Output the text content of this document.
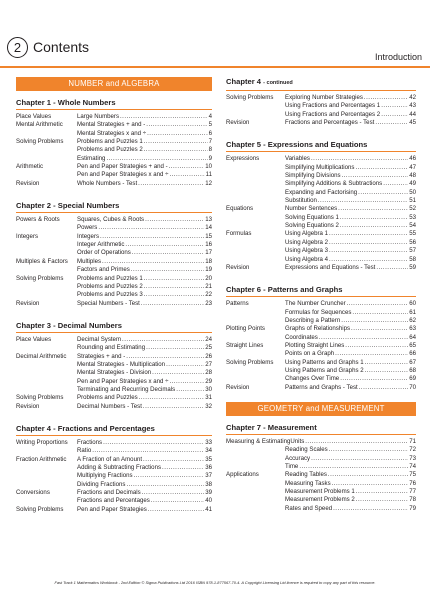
2 Contents
Introduction
NUMBER and ALGEBRA
Chapter 1 - Whole Numbers
Place Values	Large Numbers . . .	4
Mental Arithmetic	Mental Strategies + and - . . .	5
Mental Strategies x and ÷ . . .	6
Solving Problems	Problems and Puzzles 1 . . .	7
Problems and Puzzles 2 . . .	8
Estimating . . .	9
Arithmetic	Pen and Paper Strategies + and - . . .	10
Pen and Paper Strategies x and ÷ . . .	11
Revision	Whole Numbers - Test . . .	12
Chapter 2 - Special Numbers
Powers & Roots	Squares, Cubes & Roots . . .	13
Powers . . .	14
Integers	Integers . . .	15
Integer Arithmetic . . .	16
Order of Operations . . .	17
Multiples & Factors	Multiples . . .	18
Factors and Primes . . .	19
Solving Problems	Problems and Puzzles 1 . . .	20
Problems and Puzzles 2 . . .	21
Problems and Puzzles 3 . . .	22
Revision	Special Numbers - Test . . .	23
Chapter 3 - Decimal Numbers
Place Values	Decimal System . . .	24
Rounding and Estimating . . .	25
Decimal Arithmetic	Strategies + and - . . .	26
Mental Strategies - Multiplication . . .	27
Mental Strategies - Division . . .	28
Pen and Paper Strategies x and ÷ . . .	29
Terminating and Recurring Decimals . . .	30
Solving Problems	Problems and Puzzles . . .	31
Revision	Decimal Numbers - Test . . .	32
Chapter 4 - Fractions and Percentages
Writing Proportions	Fractions . . .	33
Ratio . . .	34
Fraction Arithmetic	A Fraction of an Amount . . .	35
Adding & Subtracting Fractions . . .	36
Multiplying Fractions . . .	37
Dividing Fractions . . .	38
Conversions	Fractions and Decimals . . .	39
Fractions and Percentages . . .	40
Solving Problems	Pen and Paper Strategies . . .	41
Chapter 4 - continued
Solving Problems	Exploring Number Strategies . . .	42
Using Fractions and Percentages 1 . . .	43
Using Fractions and Percentages 2 . . .	44
Revision	Fractions and Percentages - Test . . .	45
Chapter 5 - Expressions and Equations
Expressions	Variables . . .	46
Simplifying Multiplications . . .	47
Simplifying Divisions . . .	48
Simplifying Additions & Subtractions . . .	49
Expanding and Factorising . . .	50
Substitution . . .	51
Equations	Number Sentences . . .	52
Solving Equations 1 . . .	53
Solving Equations 2 . . .	54
Formulas	Using Algebra 1 . . .	55
Using Algebra 2 . . .	56
Using Algebra 3 . . .	57
Using Algebra 4 . . .	58
Revision	Expressions and Equations - Test . . .	59
Chapter 6 - Patterns and Graphs
Patterns	The Number Cruncher . . .	60
Formulas for Sequences . . .	61
Describing a Pattern . . .	62
Plotting Points	Graphs of Relationships . . .	63
Coordinates . . .	64
Straight Lines	Plotting Straight Lines . . .	65
Points on a Graph . . .	66
Solving Problems	Using Patterns and Graphs 1 . . .	67
Using Patterns and Graphs 2 . . .	68
Changes Over Time . . .	69
Revision	Patterns and Graphs - Test . . .	70
GEOMETRY and MEASUREMENT
Chapter 7 - Measurement
Measuring & Estimating Units . . .	71
Reading Scales . . .	72
Accuracy . . .	73
Time . . .	74
Applications	Reading Tables . . .	75
Measuring Tasks . . .	76
Measurement Problems 1 . . .	77
Measurement Problems 2 . . .	78
Rates and Speed . . .	79
Fast Track 1 Mathematics Workbook - 2nd Edition © Sigma Publications Ltd 2016 ISBN 978-1-877567-70-4. A Copyright Licensing Ltd licence is required to copy any part of this resource.
